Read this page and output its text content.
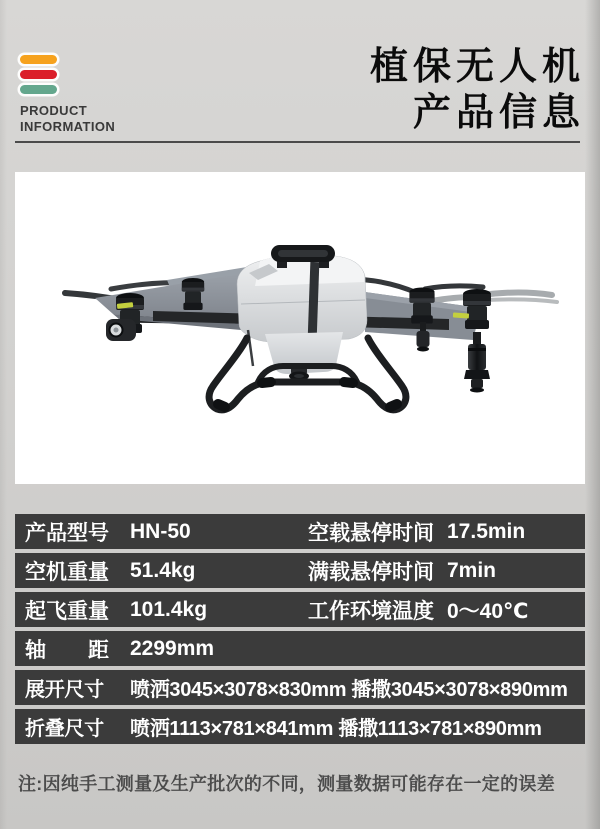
PRODUCT
INFORMATION
植保无人机
产品信息
产品型号	HN-50	空载悬停时间 17.5min
空机重量	51.4kg	满载悬停时间 7min
起飞重量	101.4kg	工作环境温度 0～40℃
轴　　距	2299mm
展开尺寸	喷洒3045×3078×830mm 播撒3045×3078×890mm
折叠尺寸	喷洒1113×781×841mm 播撒1113×781×890mm
注:因纯手工测量及生产批次的不同，测量数据可能存在一定的误差
